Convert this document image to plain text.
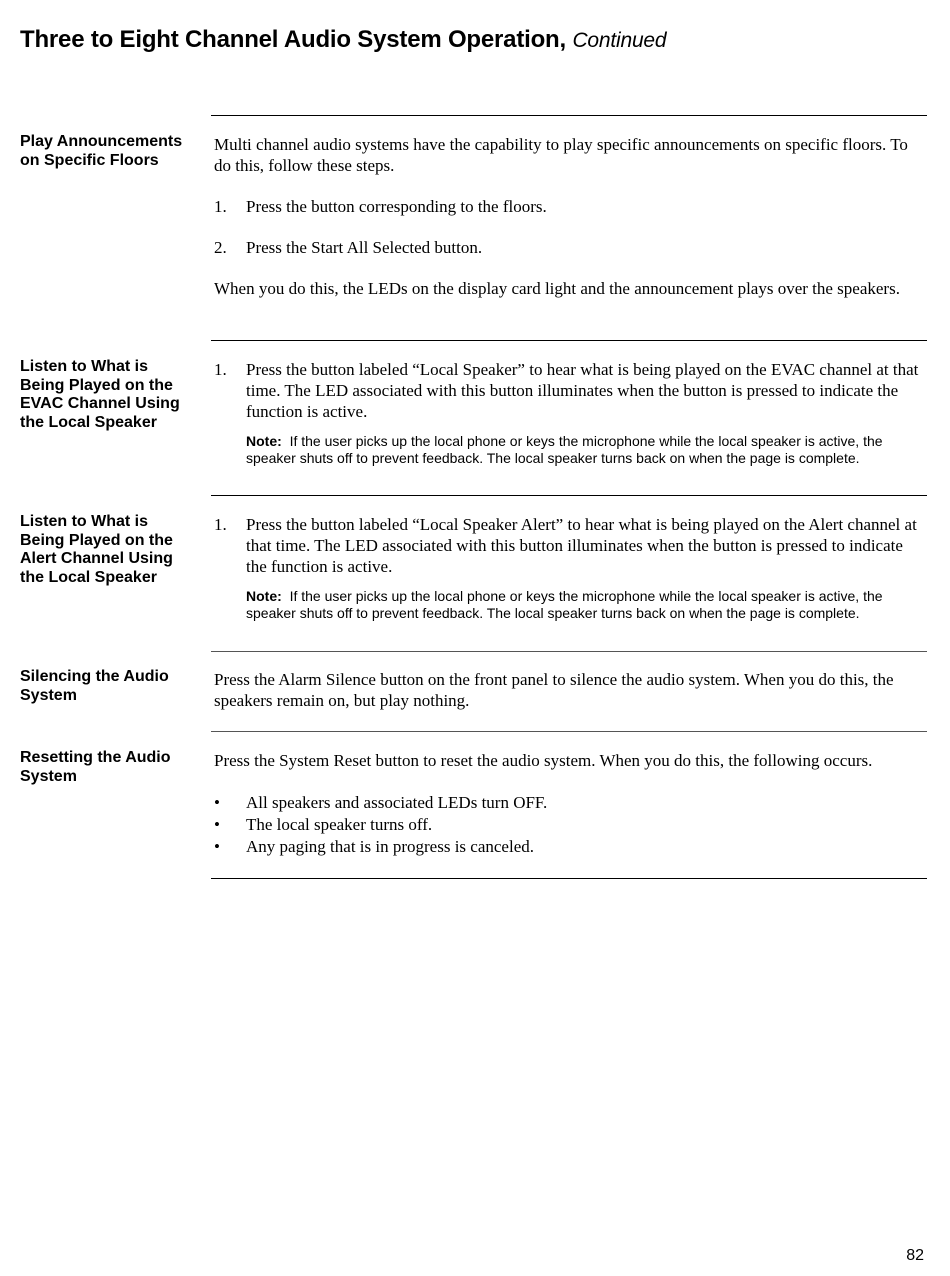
Three to Eight Channel Audio System Operation, Continued
Play Announcements on Specific Floors

Multi channel audio systems have the capability to play specific announcements on specific floors. To do this, follow these steps.

1. Press the button corresponding to the floors.

2. Press the Start All Selected button.

When you do this, the LEDs on the display card light and the announcement plays over the speakers.

Listen to What is Being Played on the EVAC Channel Using the Local Speaker

1. Press the button labeled “Local Speaker” to hear what is being played on the EVAC channel at that time. The LED associated with this button illuminates when the button is pressed to indicate the function is active.

Note: If the user picks up the local phone or keys the microphone while the local speaker is active, the speaker shuts off to prevent feedback. The local speaker turns back on when the page is complete.

Listen to What is Being Played on the Alert Channel Using the Local Speaker

1. Press the button labeled “Local Speaker Alert” to hear what is being played on the Alert channel at that time. The LED associated with this button illuminates when the button is pressed to indicate the function is active.

Note: If the user picks up the local phone or keys the microphone while the local speaker is active, the speaker shuts off to prevent feedback. The local speaker turns back on when the page is complete.

Silencing the Audio System

Press the Alarm Silence button on the front panel to silence the audio system. When you do this, the speakers remain on, but play nothing.

Resetting the Audio System

Press the System Reset button to reset the audio system. When you do this, the following occurs.

• All speakers and associated LEDs turn OFF.

• The local speaker turns off.

• Any paging that is in progress is canceled.

82
